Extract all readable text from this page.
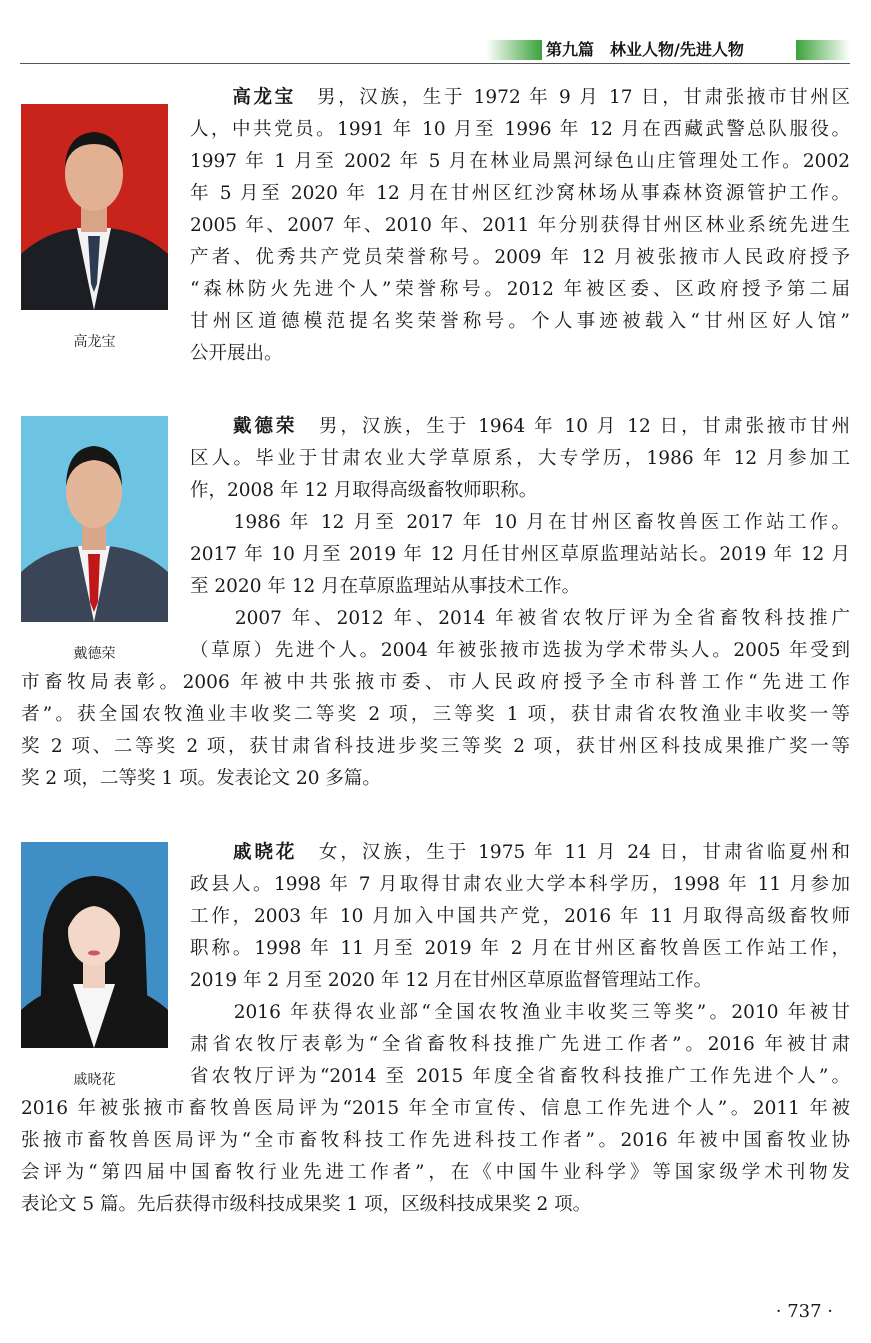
第九篇　林业人物/先进人物
高龙宝
　　高龙宝　 男，汉族，生于 1972 年 9 月 17 日，甘肃张掖市甘州区
人，中共党员。1991 年 10 月至 1996 年 12 月在西藏武警总队服役。
1997 年 1 月至 2002 年 5 月在林业局黑河绿色山庄管理处工作。2002
年 5 月至 2020 年 12 月在甘州区红沙窝林场从事森林资源管护工作。
2005 年、2007 年、2010 年、2011 年分别获得甘州区林业系统先进生
产者、优秀共产党员荣誉称号。2009 年 12 月被张掖市人民政府授予
“森林防火先进个人”荣誉称号。2012 年被区委、区政府授予第二届
甘州区道德模范提名奖荣誉称号。个人事迹被载入“甘州区好人馆”
公开展出。
戴德荣
　　戴德荣　 男，汉族，生于 1964 年 10 月 12 日，甘肃张掖市甘州
区人。毕业于甘肃农业大学草原系，大专学历，1986 年 12 月参加工
作，2008 年 12 月取得高级畜牧师职称。
　　1986 年 12 月至 2017 年 10 月在甘州区畜牧兽医工作站工作。
2017 年 10 月至 2019 年 12 月任甘州区草原监理站站长。2019 年 12 月
至 2020 年 12 月在草原监理站从事技术工作。
　　2007 年、2012 年、2014 年被省农牧厅评为全省畜牧科技推广
（草原）先进个人。2004 年被张掖市选拔为学术带头人。2005 年受到
市畜牧局表彰。2006 年被中共张掖市委、市人民政府授予全市科普工作“先进工作
者”。获全国农牧渔业丰收奖二等奖 2 项，三等奖 1 项，获甘肃省农牧渔业丰收奖一等
奖 2 项、二等奖 2 项，获甘肃省科技进步奖三等奖 2 项，获甘州区科技成果推广奖一等
奖 2 项，二等奖 1 项。发表论文 20 多篇。
戚晓花
　　戚晓花　 女，汉族，生于 1975 年 11 月 24 日，甘肃省临夏州和
政县人。1998 年 7 月取得甘肃农业大学本科学历，1998 年 11 月参加
工作，2003 年 10 月加入中国共产党，2016 年 11 月取得高级畜牧师
职称。1998 年 11 月至 2019 年 2 月在甘州区畜牧兽医工作站工作，
2019 年 2 月至 2020 年 12 月在甘州区草原监督管理站工作。
　　2016 年获得农业部“全国农牧渔业丰收奖三等奖”。2010 年被甘
肃省农牧厅表彰为“全省畜牧科技推广先进工作者”。2016 年被甘肃
省农牧厅评为“2014 至 2015 年度全省畜牧科技推广工作先进个人”。
2016 年被张掖市畜牧兽医局评为“2015 年全市宣传、信息工作先进个人”。2011 年被
张掖市畜牧兽医局评为“全市畜牧科技工作先进科技工作者”。2016 年被中国畜牧业协
会评为“第四届中国畜牧行业先进工作者”，在《中国牛业科学》等国家级学术刊物发
表论文 5 篇。先后获得市级科技成果奖 1 项，区级科技成果奖 2 项。
· 737 ·
